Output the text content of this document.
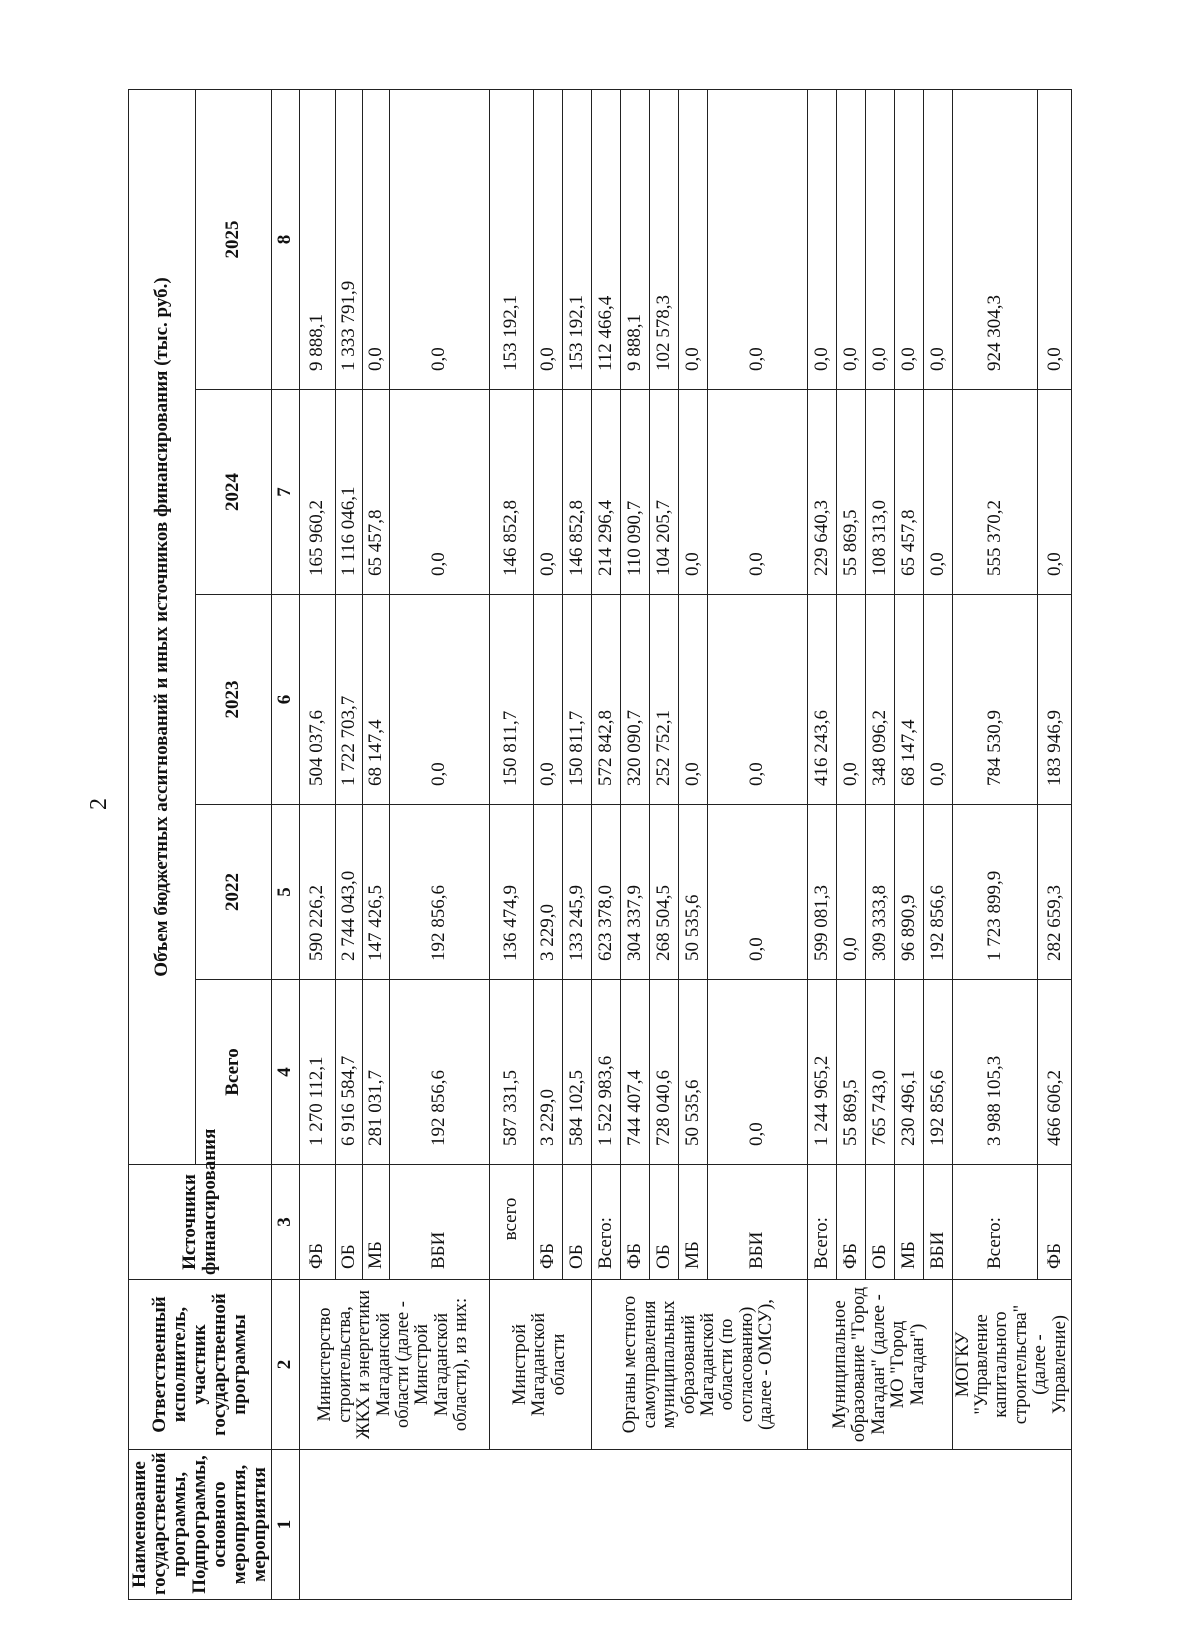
2
Наименование государственной программы, Подпрограммы, основного мероприятия, мероприятия	Ответственный исполнитель, участник государственной программы	Источники финансирования	Объем бюджетных ассигнований и иных источников финансирования (тыс. руб.)				
			Всего	2022	2023	2024	2025
1	2	3	4	5	6	7	8
	Министерство строительства, ЖКХ и энергетики Магаданской области (далее - Минстрой Магаданской области), из них:	ФБ	1 270 112,1	590 226,2	504 037,6	165 960,2	9 888,1
		ОБ	6 916 584,7	2 744 043,0	1 722 703,7	1 116 046,1	1 333 791,9
		МБ	281 031,7	147 426,5	68 147,4	65 457,8	0,0
		ВБИ	192 856,6	192 856,6	0,0	0,0	0,0
	Минстрой Магаданской области	всего	587 331,5	136 474,9	150 811,7	146 852,8	153 192,1
		ФБ	3 229,0	3 229,0	0,0	0,0	0,0
		ОБ	584 102,5	133 245,9	150 811,7	146 852,8	153 192,1
	Органы местного самоуправления муниципальных образований Магаданской области (по согласованию) (далее - ОМСУ),	Всего:	1 522 983,6	623 378,0	572 842,8	214 296,4	112 466,4
		ФБ	744 407,4	304 337,9	320 090,7	110 090,7	9 888,1
		ОБ	728 040,6	268 504,5	252 752,1	104 205,7	102 578,3
		МБ	50 535,6	50 535,6	0,0	0,0	0,0
		ВБИ	0,0	0,0	0,0	0,0	0,0
	Муниципальное образование "Город Магадан" (далее - МО "Город Магадан")	Всего:	1 244 965,2	599 081,3	416 243,6	229 640,3	0,0
		ФБ	55 869,5	0,0	0,0	55 869,5	0,0
		ОБ	765 743,0	309 333,8	348 096,2	108 313,0	0,0
		МБ	230 496,1	96 890,9	68 147,4	65 457,8	0,0
		ВБИ	192 856,6	192 856,6	0,0	0,0	0,0
	МОГКУ "Управление капитального строительства" (далее - Управление)	Всего:	3 988 105,3	1 723 899,9	784 530,9	555 370,2	924 304,3
		ФБ	466 606,2	282 659,3	183 946,9	0,0	0,0
